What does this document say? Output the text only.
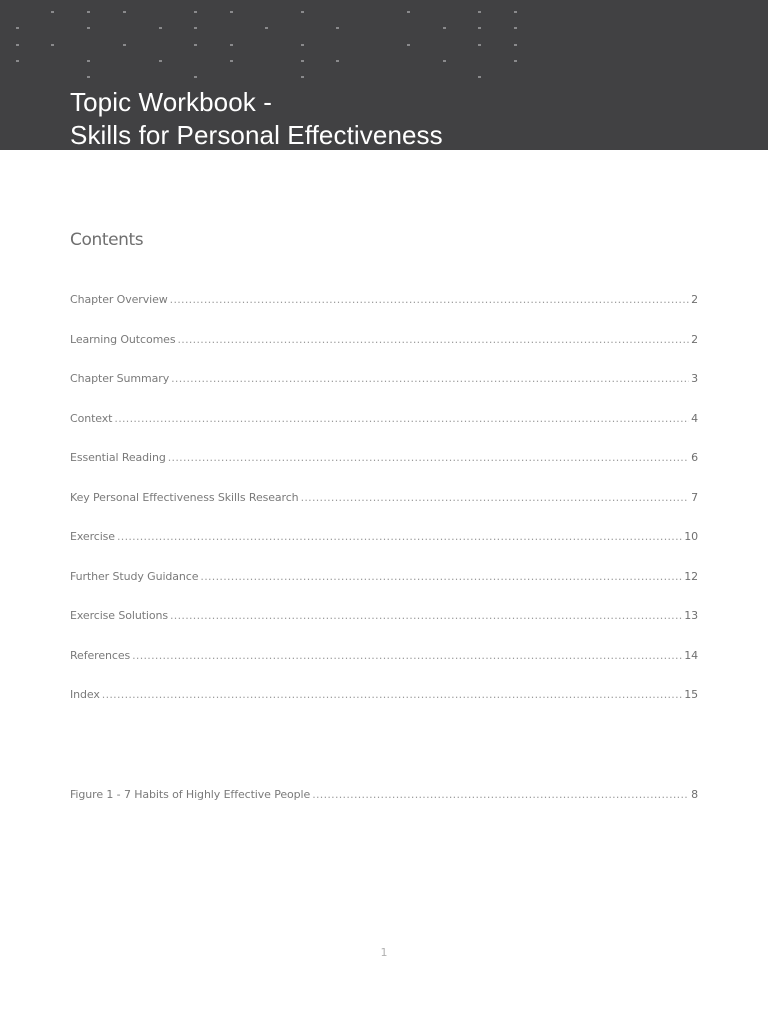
Topic Workbook -
Skills for Personal Effectiveness
Contents
Chapter Overview .....	2
Learning Outcomes .....	2
Chapter Summary .....	3
Context .....	4
Essential Reading .....	6
Key Personal Effectiveness Skills Research .....	7
Exercise .....	10
Further Study Guidance .....	12
Exercise Solutions .....	13
References .....	14
Index .....	15
Figure 1 - 7 Habits of Highly Effective People .....	8
1
